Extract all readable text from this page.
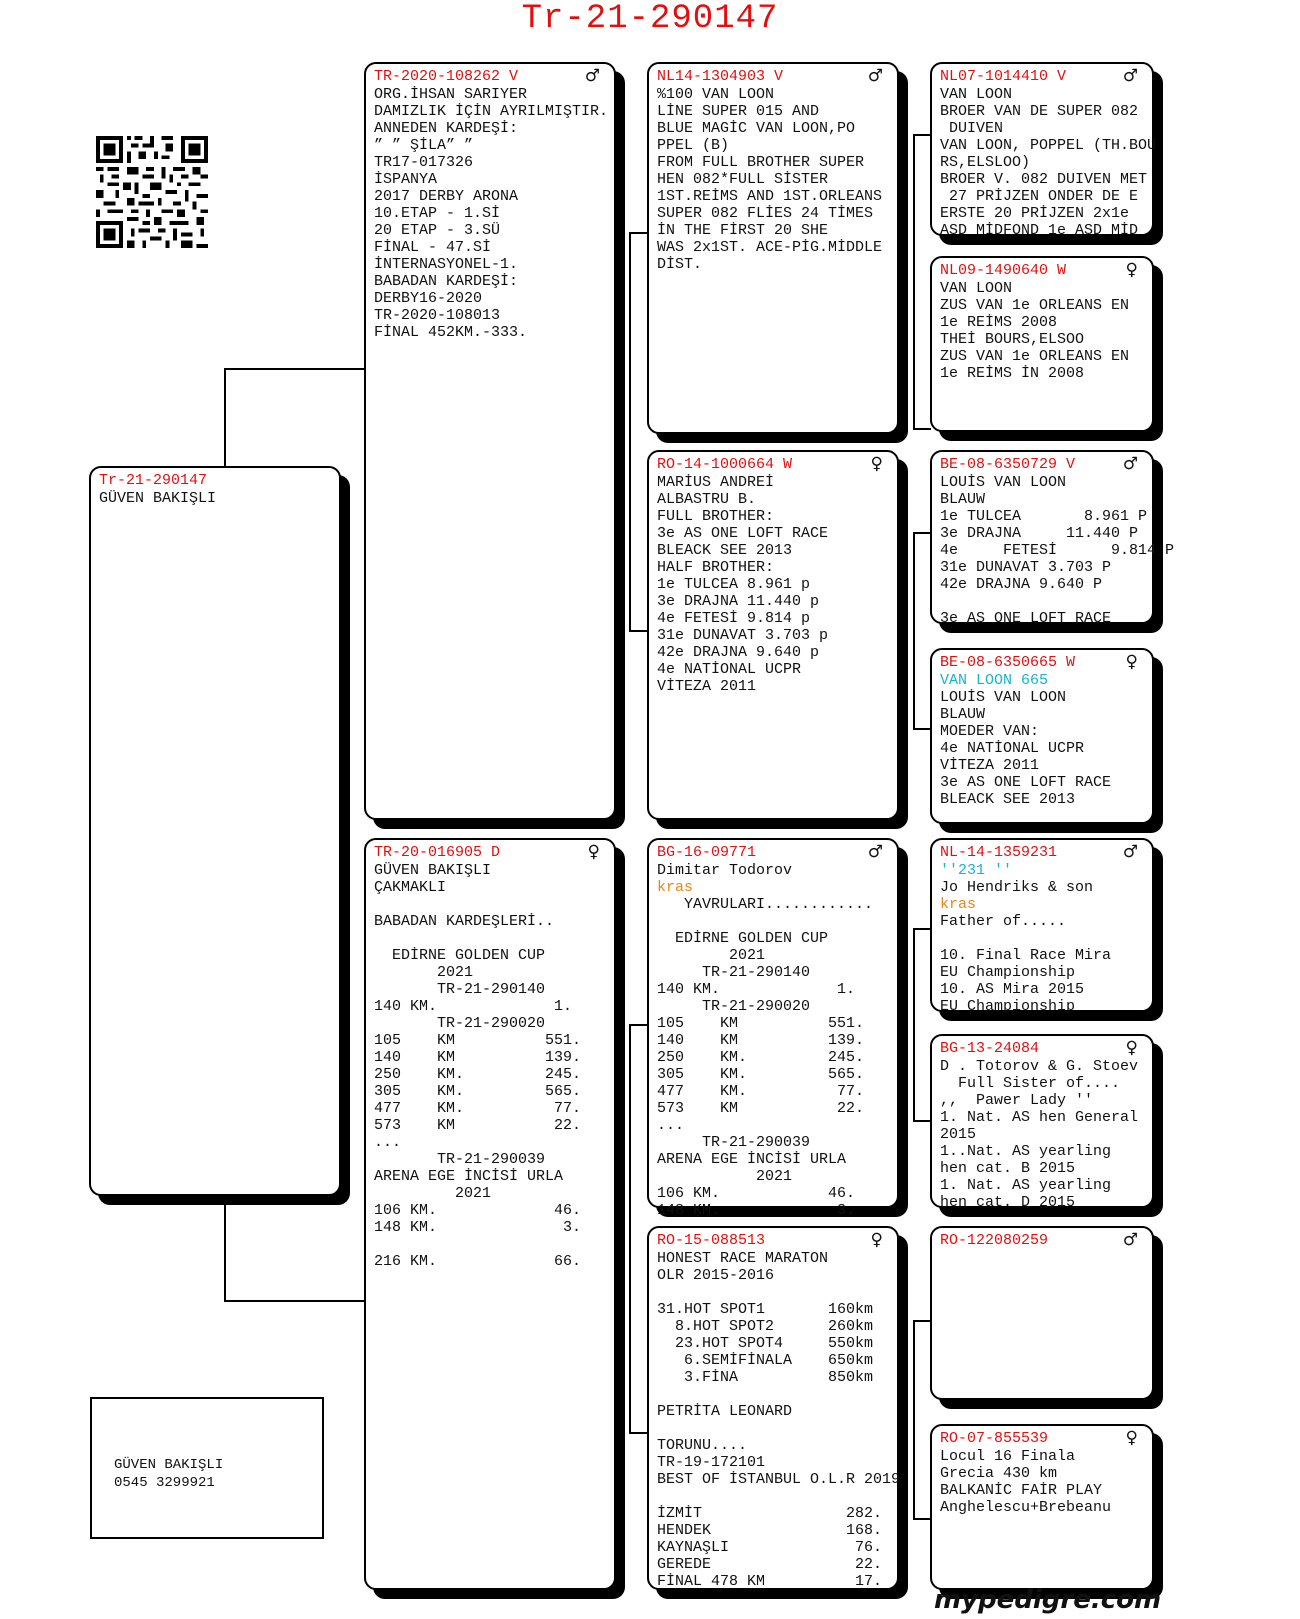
Tr-21-290147
Tr-21-290147
GÜVEN BAKIŞLI
TR-2020-108262 V	♂
ORG.İHSAN SARIYER
DAMIZLIK İÇİN AYRILMIŞTIR.
ANNEDEN KARDEŞİ:
” ” ŞİLA” ”
TR17-017326
İSPANYA
2017 DERBY ARONA
10.ETAP - 1.Sİ
20 ETAP - 3.SÜ
FİNAL - 47.Sİ
İNTERNASYONEL-1.
BABADAN KARDEŞİ:
DERBY16-2020
TR-2020-108013
FİNAL 452KM.-333.
TR-20-016905 D	♀
GÜVEN BAKIŞLI
ÇAKMAKLI

BABADAN KARDEŞLERİ..

EDİRNE GOLDEN CUP
2021
TR-21-290140
140 KM.             1.
TR-21-290020
105    KM          551.
140    KM          139.
250    KM.         245.
305    KM.         565.
477    KM.          77.
573    KM           22.
...
TR-21-290039
ARENA EGE İNCİSİ URLA
2021
106 KM.             46.
148 KM.              3.

216 KM.             66.
NL14-1304903 V	♂
%100 VAN LOON
LİNE SUPER 015 AND
BLUE MAGİC VAN LOON,PO
PPEL (B)
FROM FULL BROTHER SUPER
HEN 082*FULL SİSTER
1ST.REİMS AND 1ST.ORLEANS
SUPER 082 FLİES 24 TİMES
İN THE FİRST 20 SHE
WAS 2x1ST. ACE-PİG.MİDDLE
DİST.
RO-14-1000664 W	♀
MARİUS ANDREİ
ALBASTRU B.
FULL BROTHER:
3e AS ONE LOFT RACE
BLEACK SEE 2013
HALF BROTHER:
1e TULCEA 8.961 p
3e DRAJNA 11.440 p
4e FETESİ 9.814 p
31e DUNAVAT 3.703 p
42e DRAJNA 9.640 p
4e NATİONAL UCPR
VİTEZA 2011
BG-16-09771	♂
Dimitar Todorov
kras
YAVRULARI............

EDİRNE GOLDEN CUP
2021
TR-21-290140
140 KM.             1.
TR-21-290020
105    KM          551.
140    KM          139.
250    KM.         245.
305    KM.         565.
477    KM.          77.
573    KM           22.
...
TR-21-290039
ARENA EGE İNCİSİ URLA
2021
106 KM.            46.
148 KM.             3.
RO-15-088513	♀
HONEST RACE MARATON
OLR 2015-2016

31.HOT SPOT1       160km
8.HOT SPOT2      260km
23.HOT SPOT4     550km
6.SEMİFİNALA    650km
3.FİNA          850km

PETRİTA LEONARD

TORUNU....
TR-19-172101
BEST OF İSTANBUL O.L.R 2019

İZMİT                282.
HENDEK               168.
KAYNAŞLI              76.
GEREDE                22.
FİNAL 478 KM          17.
NL07-1014410 V	♂
VAN LOON
BROER VAN DE SUPER 082
DUIVEN
VAN LOON, POPPEL (TH.BOU
RS,ELSLOO)
BROER V. 082 DUIVEN MET
27 PRİJZEN ONDER DE E
ERSTE 20 PRİJZEN 2x1e
ASD MİDFOND 1e ASD MİD
NL09-1490640 W	♀
VAN LOON
ZUS VAN 1e ORLEANS EN
1e REİMS 2008
THEİ BOURS,ELSOO
ZUS VAN 1e ORLEANS EN
1e REİMS İN 2008
BE-08-6350729 V	♂
LOUİS VAN LOON
BLAUW
1e TULCEA       8.961 P
3e DRAJNA     11.440 P
4e     FETESİ      9.814 P
31e DUNAVAT 3.703 P
42e DRAJNA 9.640 P

3e AS ONE LOFT RACE
BE-08-6350665 W	♀
VAN LOON 665
LOUİS VAN LOON
BLAUW
MOEDER VAN:
4e NATİONAL UCPR
VİTEZA 2011
3e AS ONE LOFT RACE
BLEACK SEE 2013
NL-14-1359231	♂
''231 ''
Jo Hendriks & son
kras
Father of.....

10. Final Race Mira
EU Championship
10. AS Mira 2015
EU Championship
BG-13-24084	♀
D . Totorov & G. Stoev
Full Sister of....
,,  Pawer Lady ''
1. Nat. AS hen General
2015
1..Nat. AS yearling
hen cat. B 2015
1. Nat. AS yearling
hen cat. D 2015
RO-122080259	♂
RO-07-855539	♀
Locul 16 Finala
Grecia 430 km
BALKANİC FAİR PLAY
Anghelescu+Brebeanu
GÜVEN BAKIŞLI
0545 3299921
mypedigre.com
